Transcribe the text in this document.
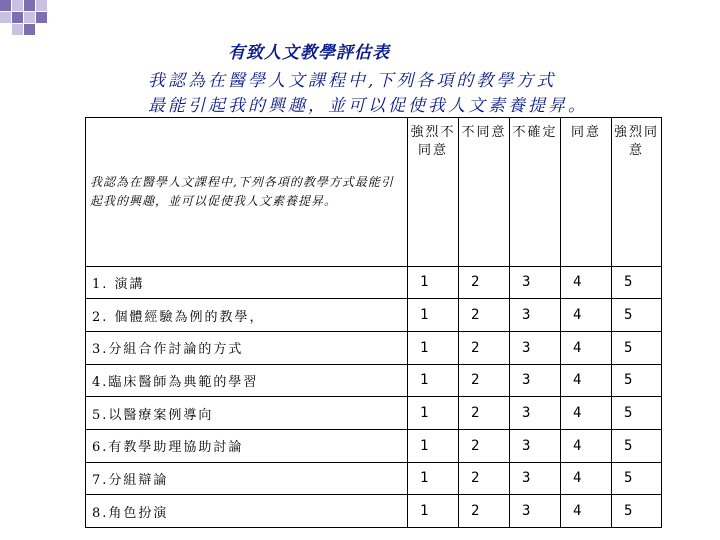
有致人文教學評估表
我認為在醫學人文課程中,下列各項的教學方式
最能引起我的興趣，並可以促使我人文素養提昇。
我認為在醫學人文課程中,下列各項的教學方式最能引起我的興趣，並可以促使我人文素養提昇。	強烈不同意	不同意	不確定	同意	強烈同意
1. 演講	1	2	3	4	5
2. 個體經驗為例的教學，	1	2	3	4	5
3.分組合作討論的方式	1	2	3	4	5
4.臨床醫師為典範的學習	1	2	3	4	5
5.以醫療案例導向	1	2	3	4	5
6.有教學助理協助討論	1	2	3	4	5
7.分組辯論	1	2	3	4	5
8.角色扮演	1	2	3	4	5
